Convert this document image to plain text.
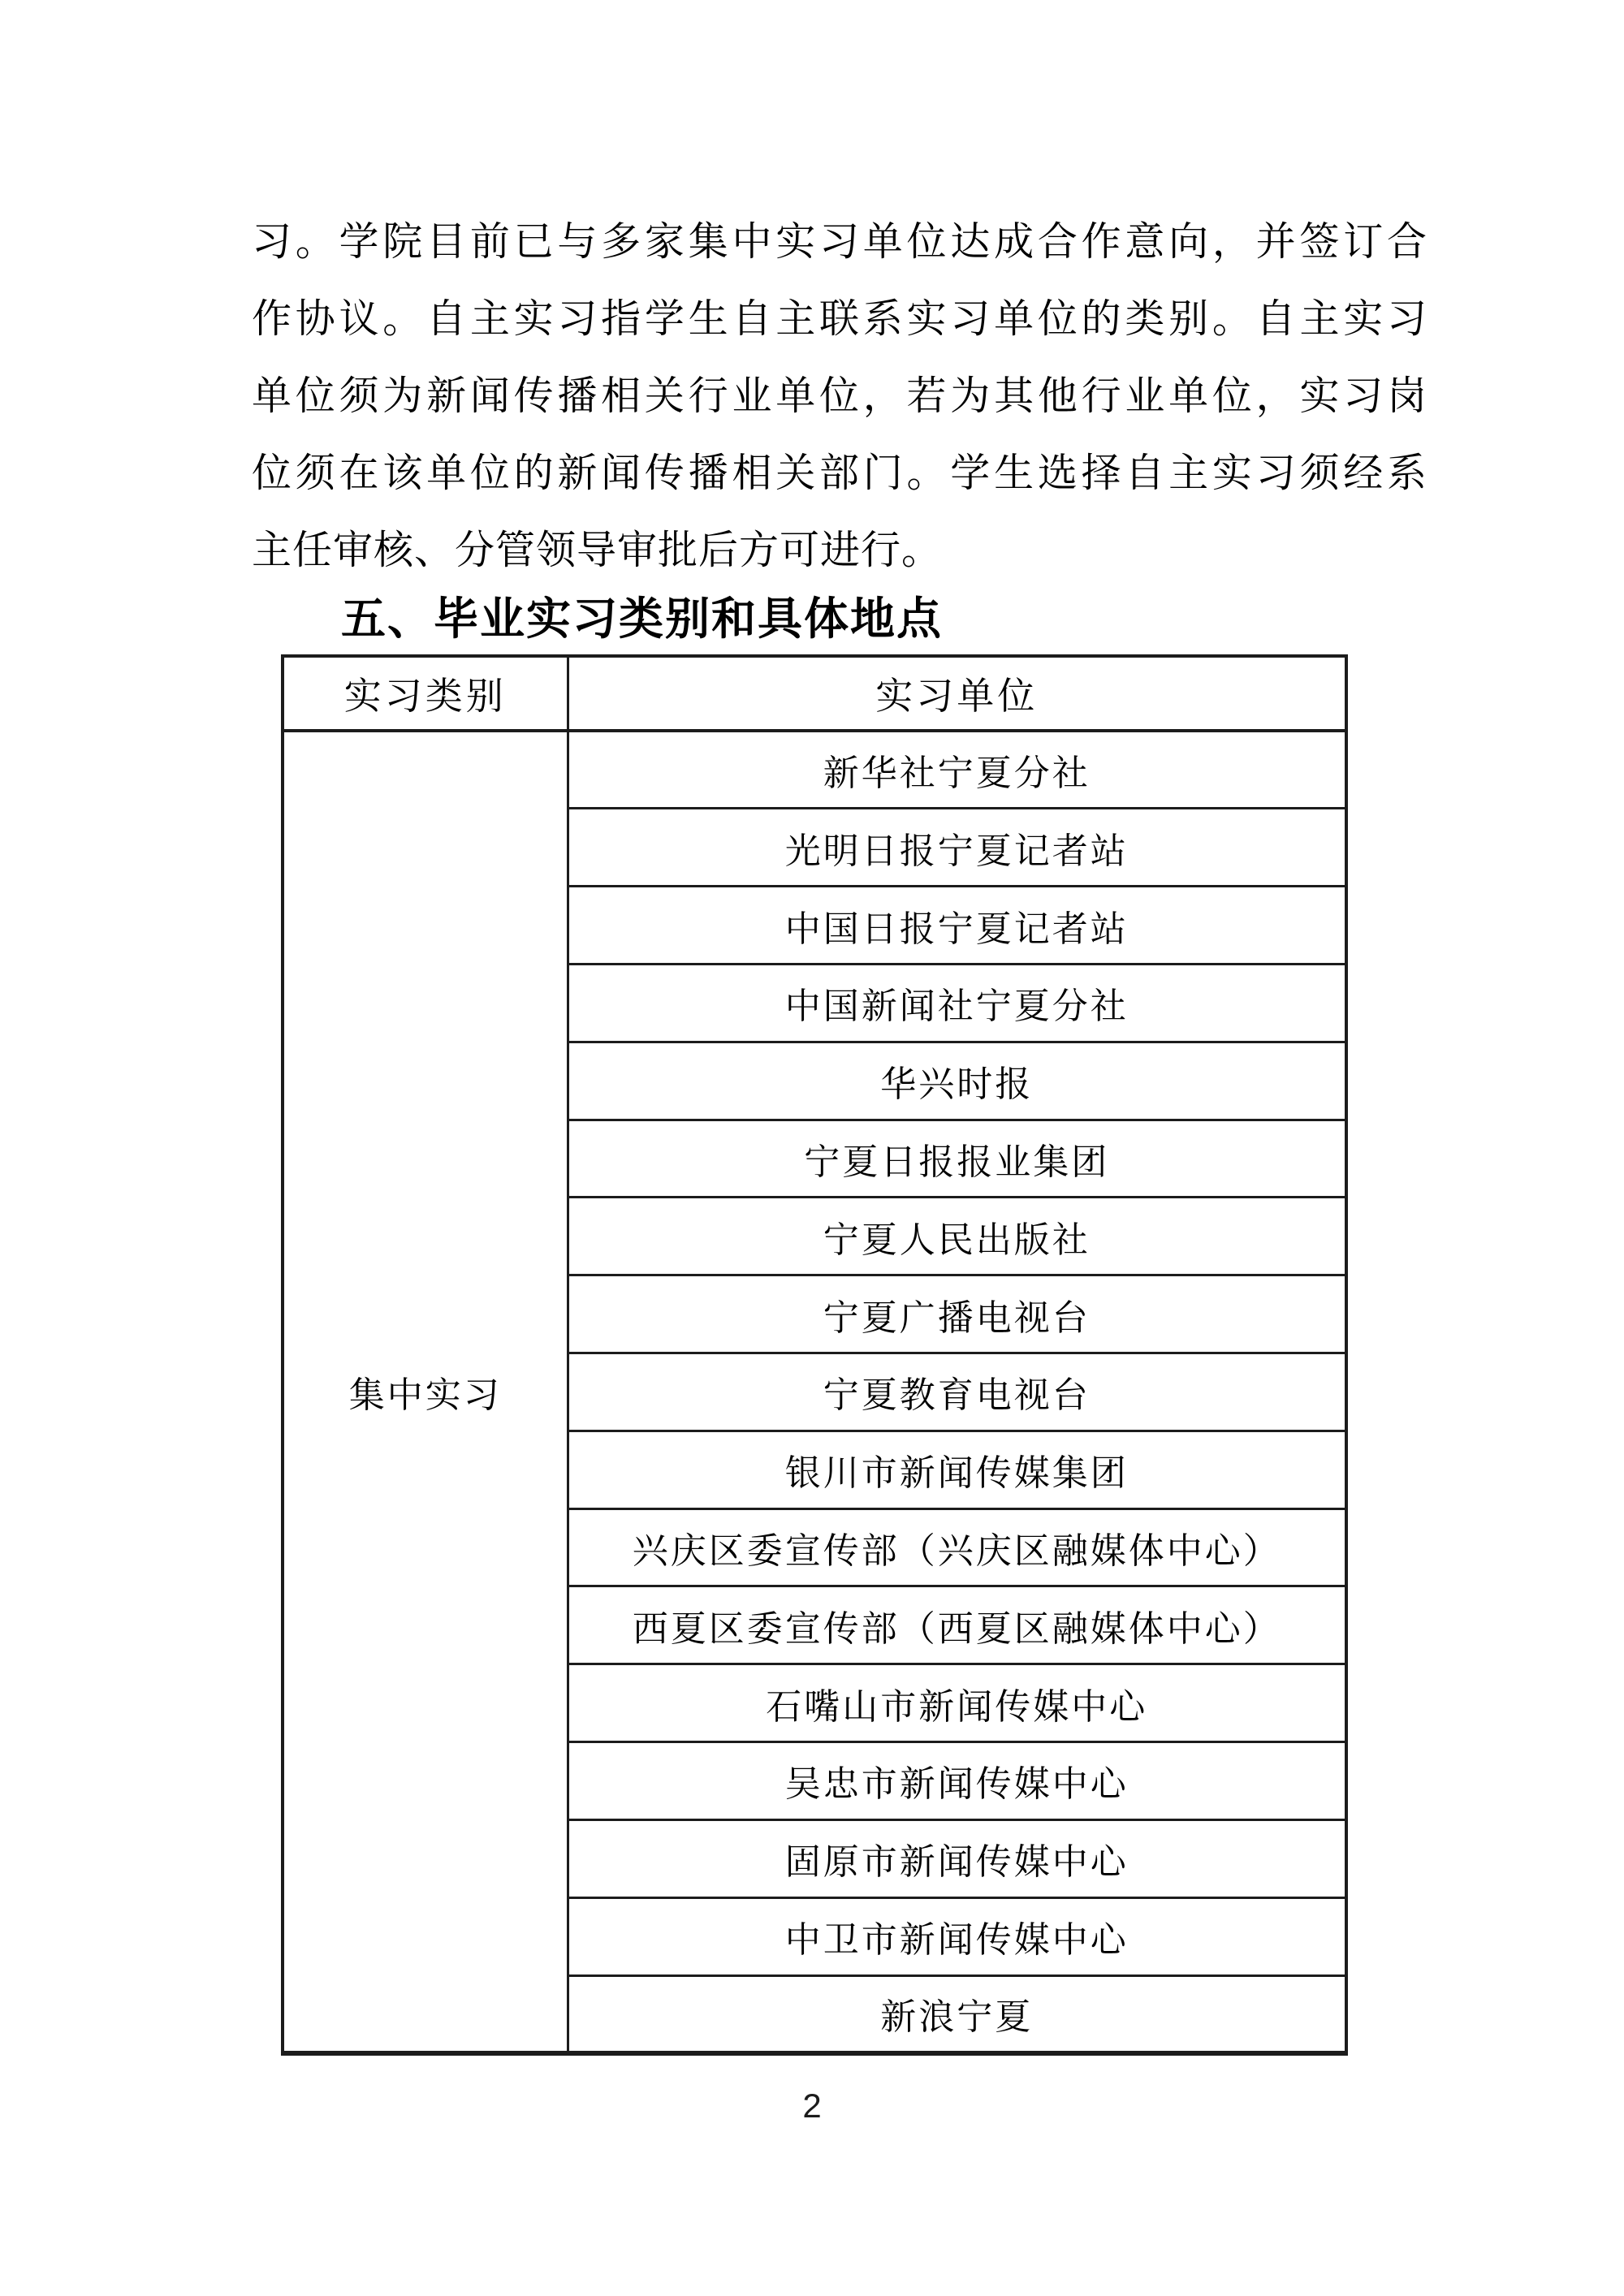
习。学院目前已与多家集中实习单位达成合作意向，并签订合
作协议。自主实习指学生自主联系实习单位的类别。自主实习
单位须为新闻传播相关行业单位，若为其他行业单位，实习岗
位须在该单位的新闻传播相关部门。学生选择自主实习须经系
主任审核、分管领导审批后方可进行。
五、毕业实习类别和具体地点
实习类别	实习单位
集中实习	新华社宁夏分社
	光明日报宁夏记者站
	中国日报宁夏记者站
	中国新闻社宁夏分社
	华兴时报
	宁夏日报报业集团
	宁夏人民出版社
	宁夏广播电视台
	宁夏教育电视台
	银川市新闻传媒集团
	兴庆区委宣传部（兴庆区融媒体中心）
	西夏区委宣传部（西夏区融媒体中心）
	石嘴山市新闻传媒中心
	吴忠市新闻传媒中心
	固原市新闻传媒中心
	中卫市新闻传媒中心
	新浪宁夏
2
